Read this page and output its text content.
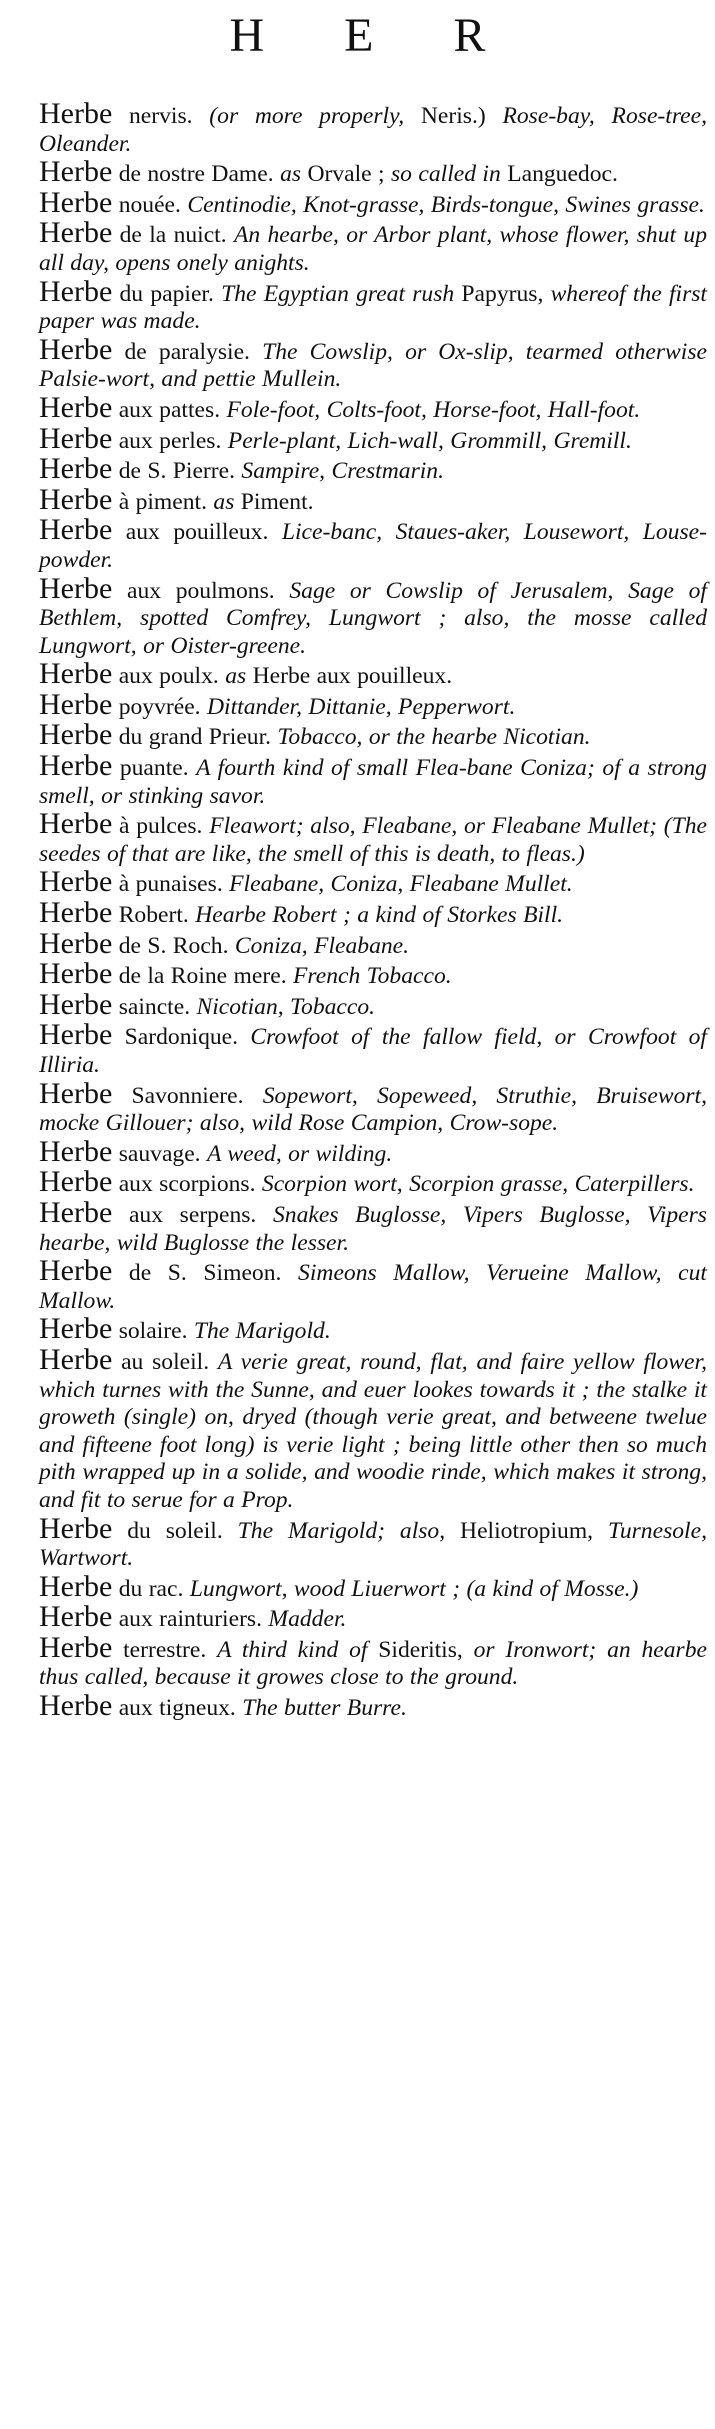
H E R
Herbe nervis. (or more properly, Neris.) Rose-bay, Rose-tree, Oleander.
Herbe de nostre Dame. as Orvale ; so called in Languedoc.
Herbe nouée. Centinodie, Knot-grasse, Birds-tongue, Swines grasse.
Herbe de la nuict. An hearbe, or Arbor plant, whose flower, shut up all day, opens onely anights.
Herbe du papier. The Egyptian great rush Papyrus, whereof the first paper was made.
Herbe de paralysie. The Cowslip, or Ox-slip, tearmed otherwise Palsie-wort, and pettie Mullein.
Herbe aux pattes. Fole-foot, Colts-foot, Horse-foot, Hall-foot.
Herbe aux perles. Perle-plant, Lich-wall, Grommill, Gremill.
Herbe de S. Pierre. Sampire, Crestmarin.
Herbe à piment. as Piment.
Herbe aux pouilleux. Lice-banc, Staues-aker, Lousewort, Louse-powder.
Herbe aux poulmons. Sage or Cowslip of Jerusalem, Sage of Bethlem, spotted Comfrey, Lungwort ; also, the mosse called Lungwort, or Oister-greene.
Herbe aux poulx. as Herbe aux pouilleux.
Herbe poyvrée. Dittander, Dittanie, Pepperwort.
Herbe du grand Prieur. Tobacco, or the hearbe Nicotian.
Herbe puante. A fourth kind of small Flea-bane Coniza; of a strong smell, or stinking savor.
Herbe à pulces. Fleawort; also, Fleabane, or Fleabane Mullet; (The seedes of that are like, the smell of this is death, to fleas.)
Herbe à punaises. Fleabane, Coniza, Fleabane Mullet.
Herbe Robert. Hearbe Robert ; a kind of Storkes Bill.
Herbe de S. Roch. Coniza, Fleabane.
Herbe de la Roine mere. French Tobacco.
Herbe saincte. Nicotian, Tobacco.
Herbe Sardonique. Crowfoot of the fallow field, or Crowfoot of Illiria.
Herbe Savonniere. Sopewort, Sopeweed, Struthie, Bruisewort, mocke Gillouer; also, wild Rose Campion, Crow-sope.
Herbe sauvage. A weed, or wilding.
Herbe aux scorpions. Scorpion wort, Scorpion grasse, Caterpillers.
Herbe aux serpens. Snakes Buglosse, Vipers Buglosse, Vipers hearbe, wild Buglosse the lesser.
Herbe de S. Simeon. Simeons Mallow, Verueine Mallow, cut Mallow.
Herbe solaire. The Marigold.
Herbe au soleil. A verie great, round, flat, and faire yellow flower, which turnes with the Sunne, and euer lookes towards it ; the stalke it groweth (single) on, dryed (though verie great, and betweene twelue and fifteene foot long) is verie light ; being little other then so much pith wrapped up in a solide, and woodie rinde, which makes it strong, and fit to serue for a Prop.
Herbe du soleil. The Marigold; also, Heliotropium, Turnesole, Wartwort.
Herbe du rac. Lungwort, wood Liuerwort ; (a kind of Mosse.)
Herbe aux rainturiers. Madder.
Herbe terrestre. A third kind of Sideritis, or Ironwort; an hearbe thus called, because it growes close to the ground.
Herbe aux tigneux. The butter Burre.
